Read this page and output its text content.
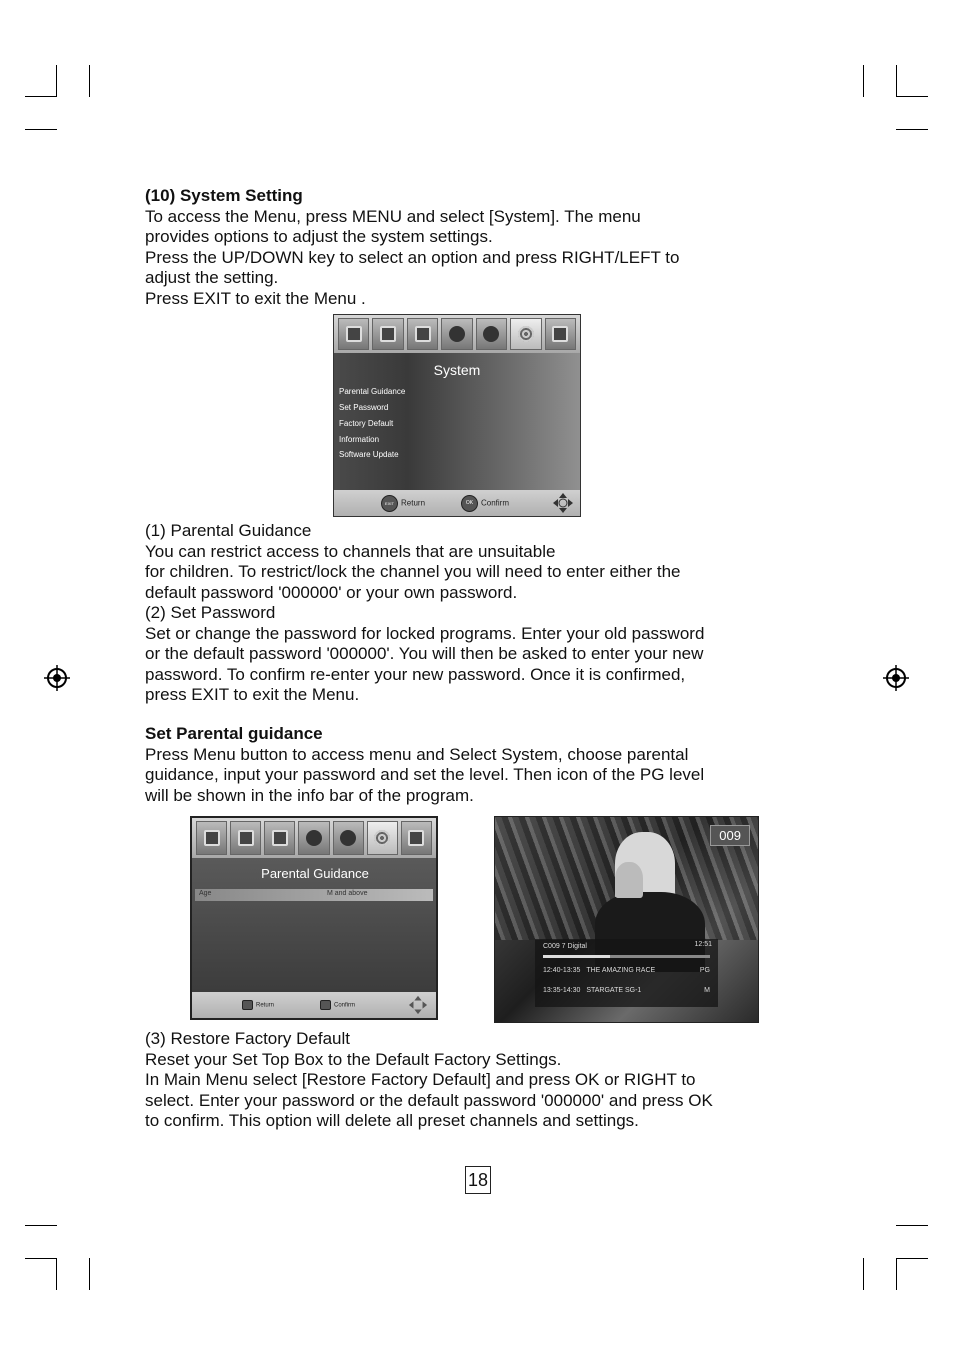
(10) System Setting

To access the Menu, press MENU and select [System]. The menu

provides options to adjust the system settings.

Press the UP/DOWN key to select an option and press RIGHT/LEFT to

adjust the setting.

Press EXIT to exit the Menu .

System
Parental Guidance
Set Password
Factory Default
Information
Software Update
EXIT Return	OK Confirm

(1) Parental Guidance

You can restrict access to channels that are unsuitable

for children. To restrict/lock the channel you will need to enter either the

default password '000000' or your own password.

(2) Set Password

Set or change the password for locked programs. Enter your old password

or the default password '000000'. You will then be asked to enter your new

password. To confirm re-enter your new password. Once it is confirmed,

press EXIT to exit the Menu.

Set Parental guidance

Press Menu button to access menu and Select System, choose parental

guidance, input your password and set the level. Then icon of the PG level

will be shown in the info bar of the program.

Parental Guidance
Age	M and above
Return	Confirm
009
C009 7 Digital	12:51
12:40-13:35 THE AMAZING RACE	PG
13:35-14:30 STARGATE SG-1	M

(3) Restore Factory Default

Reset your Set Top Box to the Default Factory Settings.

In Main Menu select [Restore Factory Default] and press OK or RIGHT to

select. Enter your password or the default password '000000' and press OK

to confirm. This option will delete all preset channels and settings.

18
